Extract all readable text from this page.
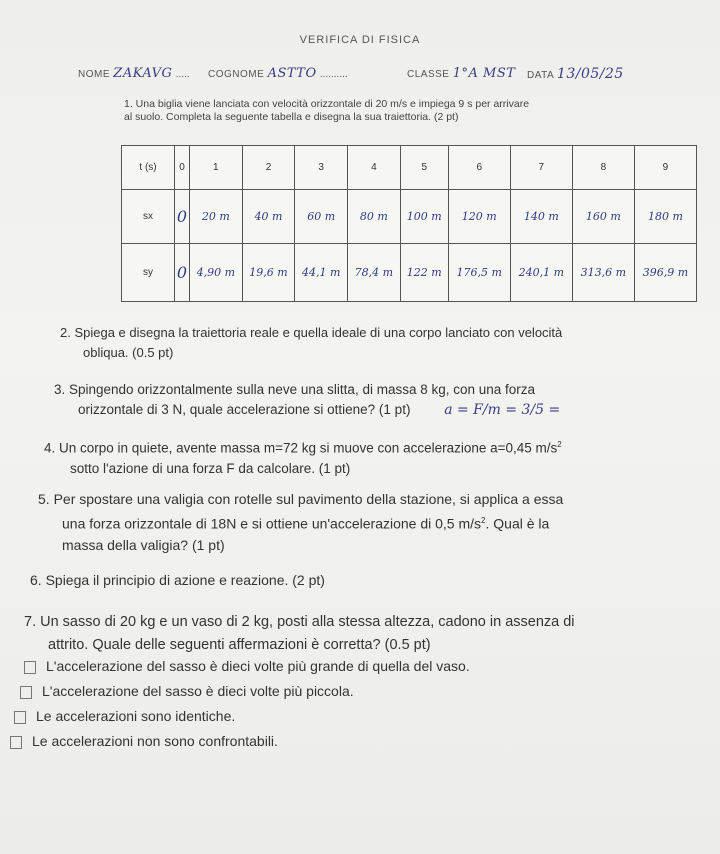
VERIFICA DI FISICA
NOME ZAKAVG ..... COGNOME ASTTO ..........	CLASSE 1°A MST DATA 13/05/25
1. Una biglia viene lanciata con velocità orizzontale di 20 m/s e impiega 9 s per arrivare
al suolo. Completa la seguente tabella e disegna la sua traiettoria. (2 pt)
t (s)	0	1	2	3	4	5	6	7	8	9
sx	0	20 m	40 m	60 m	80 m	100 m	120 m	140 m	160 m	180 m
sy	0	4,90 m	19,6 m	44,1 m	78,4 m	122 m	176,5 m	240,1 m	313,6 m	396,9 m
2. Spiega e disegna la traiettoria reale e quella ideale di una corpo lanciato con velocità
obliqua. (0.5 pt)
3. Spingendo orizzontalmente sulla neve una slitta, di massa 8 kg, con una forza
orizzontale di 3 N, quale accelerazione si ottiene? (1 pt) a = F/m = 3/5 =
4. Un corpo in quiete, avente massa m=72 kg si muove con accelerazione a=0,45 $m/s^2$
sotto l'azione di una forza F da calcolare. (1 pt)
5. Per spostare una valigia con rotelle sul pavimento della stazione, si applica a essa
una forza orizzontale di 18N e si ottiene un'accelerazione di 0,5 $m/s^2$. Qual è la
massa della valigia? (1 pt)
6. Spiega il principio di azione e reazione. (2 pt)
7. Un sasso di 20 kg e un vaso di 2 kg, posti alla stessa altezza, cadono in assenza di
attrito. Quale delle seguenti affermazioni è corretta? (0.5 pt)
L'accelerazione del sasso è dieci volte più grande di quella del vaso.
L'accelerazione del sasso è dieci volte più piccola.
Le accelerazioni sono identiche.
Le accelerazioni non sono confrontabili.
